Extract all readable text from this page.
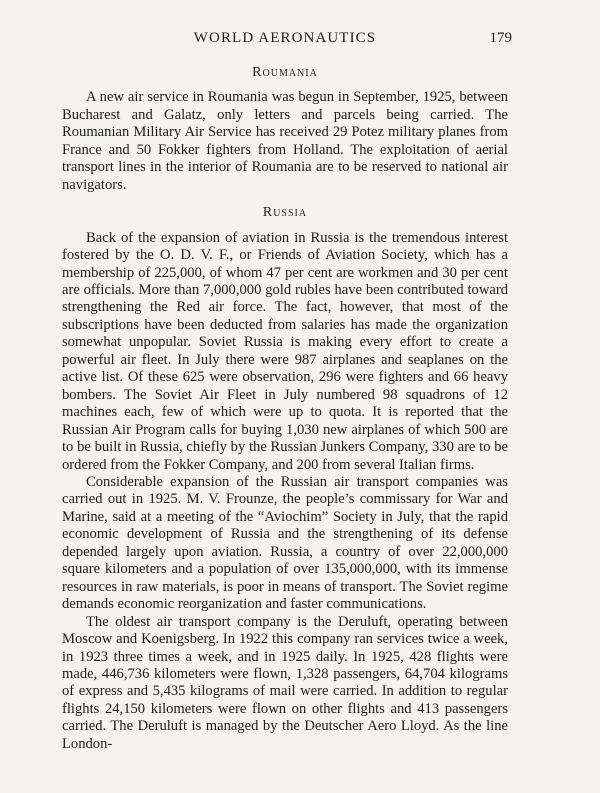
WORLD AERONAUTICS	179
Roumania

A new air service in Roumania was begun in September, 1925, between Bucharest and Galatz, only letters and parcels being carried. The Roumanian Military Air Service has received 29 Potez military planes from France and 50 Fokker fighters from Holland. The exploitation of aerial transport lines in the interior of Roumania are to be reserved to national air navigators.

Russia

Back of the expansion of aviation in Russia is the tremendous interest fostered by the O. D. V. F., or Friends of Aviation Society, which has a membership of 225,000, of whom 47 per cent are workmen and 30 per cent are officials. More than 7,000,000 gold rubles have been contributed toward strengthening the Red air force. The fact, however, that most of the subscriptions have been deducted from salaries has made the organization somewhat unpopular. Soviet Russia is making every effort to create a powerful air fleet. In July there were 987 airplanes and seaplanes on the active list. Of these 625 were observation, 296 were fighters and 66 heavy bombers. The Soviet Air Fleet in July numbered 98 squadrons of 12 machines each, few of which were up to quota. It is reported that the Russian Air Program calls for buying 1,030 new airplanes of which 500 are to be built in Russia, chiefly by the Russian Junkers Company, 330 are to be ordered from the Fokker Company, and 200 from several Italian firms.

Considerable expansion of the Russian air transport companies was carried out in 1925. M. V. Frounze, the people’s commissary for War and Marine, said at a meeting of the “Aviochim” Society in July, that the rapid economic development of Russia and the strengthening of its defense depended largely upon aviation. Russia, a country of over 22,000,000 square kilometers and a population of over 135,000,000, with its immense resources in raw materials, is poor in means of transport. The Soviet regime demands economic reorganization and faster communications.

The oldest air transport company is the Deruluft, operating between Moscow and Koenigsberg. In 1922 this company ran services twice a week, in 1923 three times a week, and in 1925 daily. In 1925, 428 flights were made, 446,736 kilometers were flown, 1,328 passengers, 64,704 kilograms of express and 5,435 kilograms of mail were carried. In addition to regular flights 24,150 kilometers were flown on other flights and 413 passengers carried. The Deruluft is managed by the Deutscher Aero Lloyd. As the line London-
